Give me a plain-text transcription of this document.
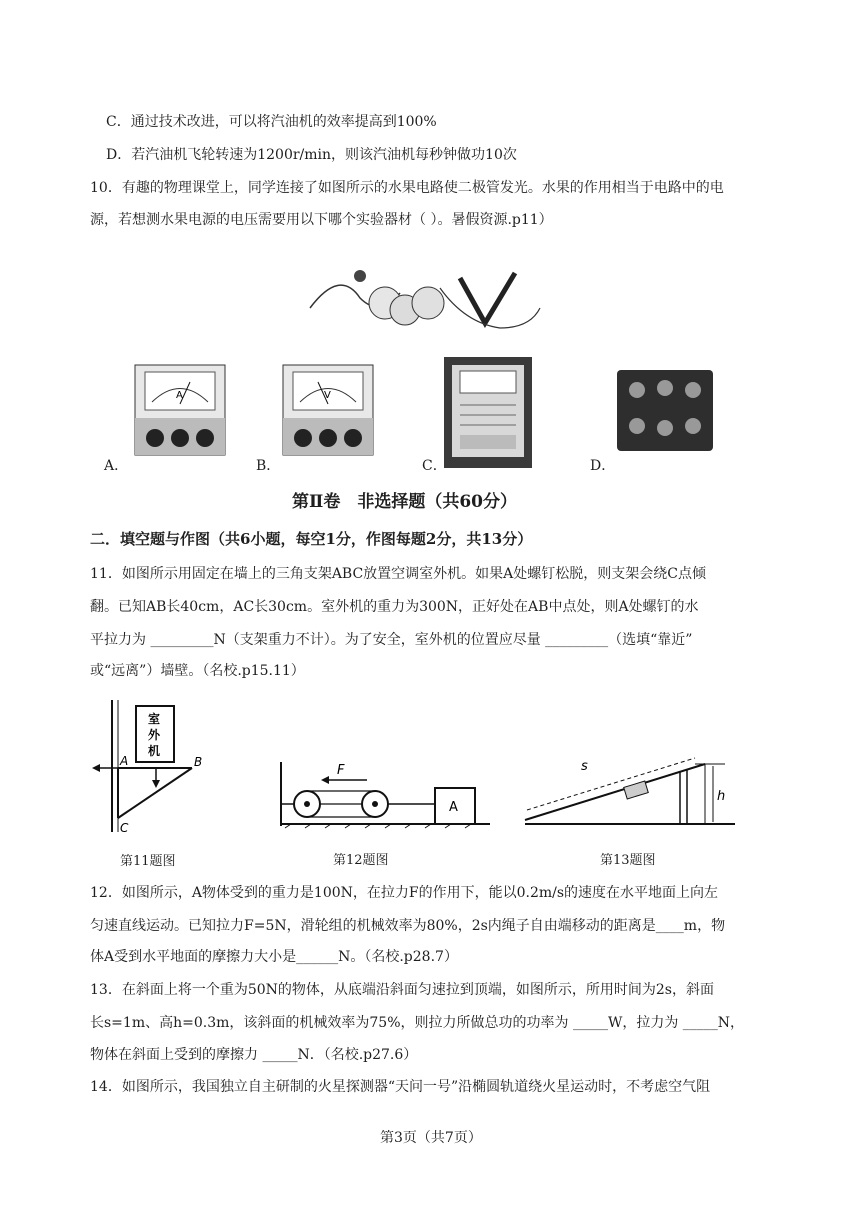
C．通过技术改进，可以将汽油机的效率提高到100%
D．若汽油机飞轮转速为1200r/min，则该汽油机每秒钟做功10次
10．有趣的物理课堂上，同学连接了如图所示的水果电路使二极管发光。水果的作用相当于电路中的电
源，若想测水果电源的电压需要用以下哪个实验器材（ ）。暑假资源.p11）
A
A．
V
B．	C．	D．
第Ⅱ卷　非选择题（共60分）
二．填空题与作图（共6小题，每空1分，作图每题2分，共13分）
11．如图所示用固定在墙上的三角支架ABC放置空调室外机。如果A处螺钉松脱，则支架会绕C点倾
翻。已知AB长40cm，AC长30cm。室外机的重力为300N，正好处在AB中点处，则A处螺钉的水
平拉力为 _________N（支架重力不计）。为了安全，室外机的位置应尽量 _________（选填“靠近”
或“远离”）墙壁。（名校.p15.11）
室
外
机
A	B
C
第11题图
A
F
第12题图
h
s
第13题图
12．如图所示，A物体受到的重力是100N，在拉力F的作用下，能以0.2m/s的速度在水平地面上向左
匀速直线运动。已知拉力F=5N，滑轮组的机械效率为80%，2s内绳子自由端移动的距离是____m，物
体A受到水平地面的摩擦力大小是______N。（名校.p28.7）
13．在斜面上将一个重为50N的物体，从底端沿斜面匀速拉到顶端，如图所示，所用时间为2s，斜面
长s=1m、高h=0.3m，该斜面的机械效率为75%，则拉力所做总功的功率为 _____W，拉力为 _____N，
物体在斜面上受到的摩擦力 _____N．（名校.p27.6）
14．如图所示，我国独立自主研制的火星探测器“天问一号”沿椭圆轨道绕火星运动时，不考虑空气阻
第3页（共7页）
